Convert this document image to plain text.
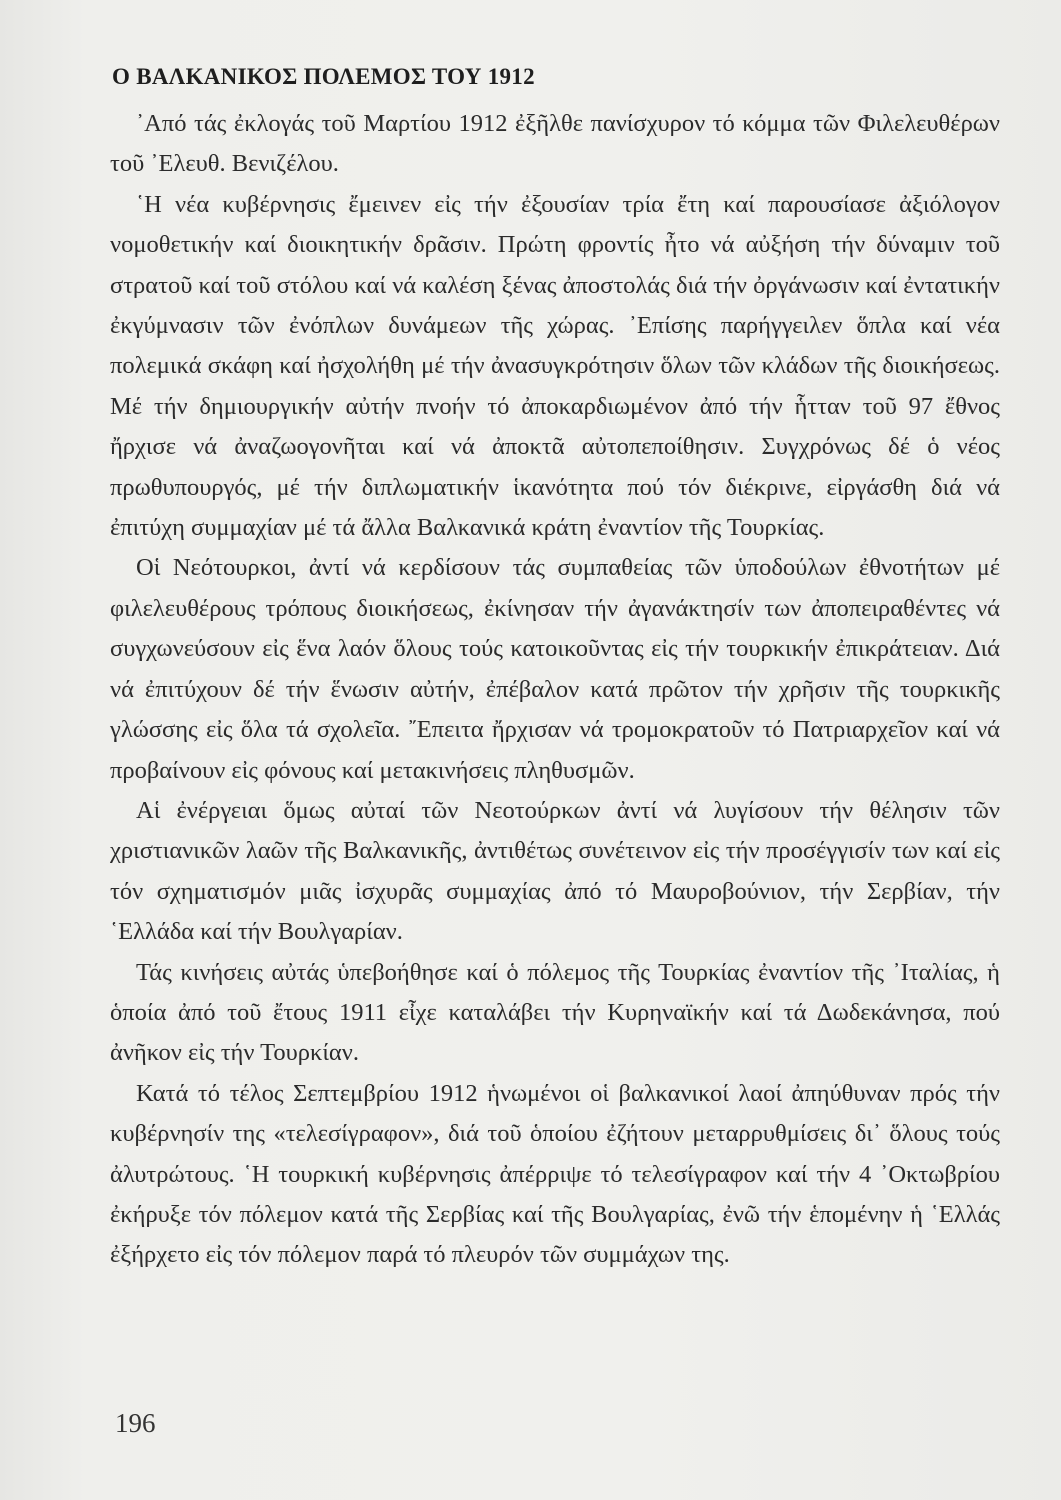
Ο ΒΑΛΚΑΝΙΚΟΣ ΠΟΛΕΜΟΣ ΤΟΥ 1912

᾿Από τάς ἐκλογάς τοῦ Μαρτίου 1912 ἐξῆλθε πανίσχυρον τό κόμμα τῶν Φιλελευθέρων τοῦ ᾿Ελευθ. Βενιζέλου.

῾Η νέα κυβέρνησις ἔμεινεν εἰς τήν ἐξουσίαν τρία ἔτη καί παρουσίασε ἀξιόλογον νομοθετικήν καί διοικητικήν δρᾶσιν. Πρώτη φροντίς ἦτο νά αὐξήση τήν δύναμιν τοῦ στρατοῦ καί τοῦ στόλου καί νά καλέση ξένας ἀποστολάς διά τήν ὀργάνωσιν καί ἐντατικήν ἐκγύμνασιν τῶν ἐνόπλων δυνάμεων τῆς χώρας. ᾿Επίσης παρήγγειλεν ὅπλα καί νέα πολεμικά σκάφη καί ἠσχολήθη μέ τήν ἀνασυγκρότησιν ὅλων τῶν κλάδων τῆς διοικήσεως. Μέ τήν δημιουργικήν αὐτήν πνοήν τό ἀποκαρδιωμένον ἀπό τήν ἧτταν τοῦ 97 ἔθνος ἤρχισε νά ἀναζωογονῆται καί νά ἀποκτᾶ αὐτοπεποίθησιν. Συγχρόνως δέ ὁ νέος πρωθυπουργός, μέ τήν διπλωματικήν ἱκανότητα πού τόν διέκρινε, εἰργάσθη διά νά ἐπιτύχη συμμαχίαν μέ τά ἄλλα Βαλκανικά κράτη ἐναντίον τῆς Τουρκίας.

Οἱ Νεότουρκοι, ἀντί νά κερδίσουν τάς συμπαθείας τῶν ὑποδούλων ἐθνοτήτων μέ φιλελευθέρους τρόπους διοικήσεως, ἐκίνησαν τήν ἀγανάκτησίν των ἀποπειραθέντες νά συγχωνεύσουν εἰς ἕνα λαόν ὅλους τούς κατοικοῦντας εἰς τήν τουρκικήν ἐπικράτειαν. Διά νά ἐπιτύχουν δέ τήν ἕνωσιν αὐτήν, ἐπέβαλον κατά πρῶτον τήν χρῆσιν τῆς τουρκικῆς γλώσσης εἰς ὅλα τά σχολεῖα. ῎Επειτα ἤρχισαν νά τρομοκρατοῦν τό Πατριαρχεῖον καί νά προβαίνουν εἰς φόνους καί μετακινήσεις πληθυσμῶν.

Αἱ ἐνέργειαι ὅμως αὐταί τῶν Νεοτούρκων ἀντί νά λυγίσουν τήν θέλησιν τῶν χριστιανικῶν λαῶν τῆς Βαλκανικῆς, ἀντιθέτως συνέτεινον εἰς τήν προσέγγισίν των καί εἰς τόν σχηματισμόν μιᾶς ἰσχυρᾶς συμμαχίας ἀπό τό Μαυροβούνιον, τήν Σερβίαν, τήν ῾Ελλάδα καί τήν Βουλγαρίαν.

Τάς κινήσεις αὐτάς ὑπεβοήθησε καί ὁ πόλεμος τῆς Τουρκίας ἐναντίον τῆς ᾿Ιταλίας, ἡ ὁποία ἀπό τοῦ ἔτους 1911 εἶχε καταλάβει τήν Κυρηναϊκήν καί τά Δωδεκάνησα, πού ἀνῆκον εἰς τήν Τουρκίαν.

Κατά τό τέλος Σεπτεμβρίου 1912 ἡνωμένοι οἱ βαλκανικοί λαοί ἀπηύθυναν πρός τήν κυβέρνησίν της «τελεσίγραφον», διά τοῦ ὁποίου ἐζήτουν μεταρρυθμίσεις δι᾿ ὅλους τούς ἀλυτρώτους. ῾Η τουρκική κυβέρνησις ἀπέρριψε τό τελεσίγραφον καί τήν 4 ᾿Οκτωβρίου ἐκήρυξε τόν πόλεμον κατά τῆς Σερβίας καί τῆς Βουλγαρίας, ἐνῶ τήν ἑπομένην ἡ ῾Ελλάς ἐξήρχετο εἰς τόν πόλεμον παρά τό πλευρόν τῶν συμμάχων της.

196
